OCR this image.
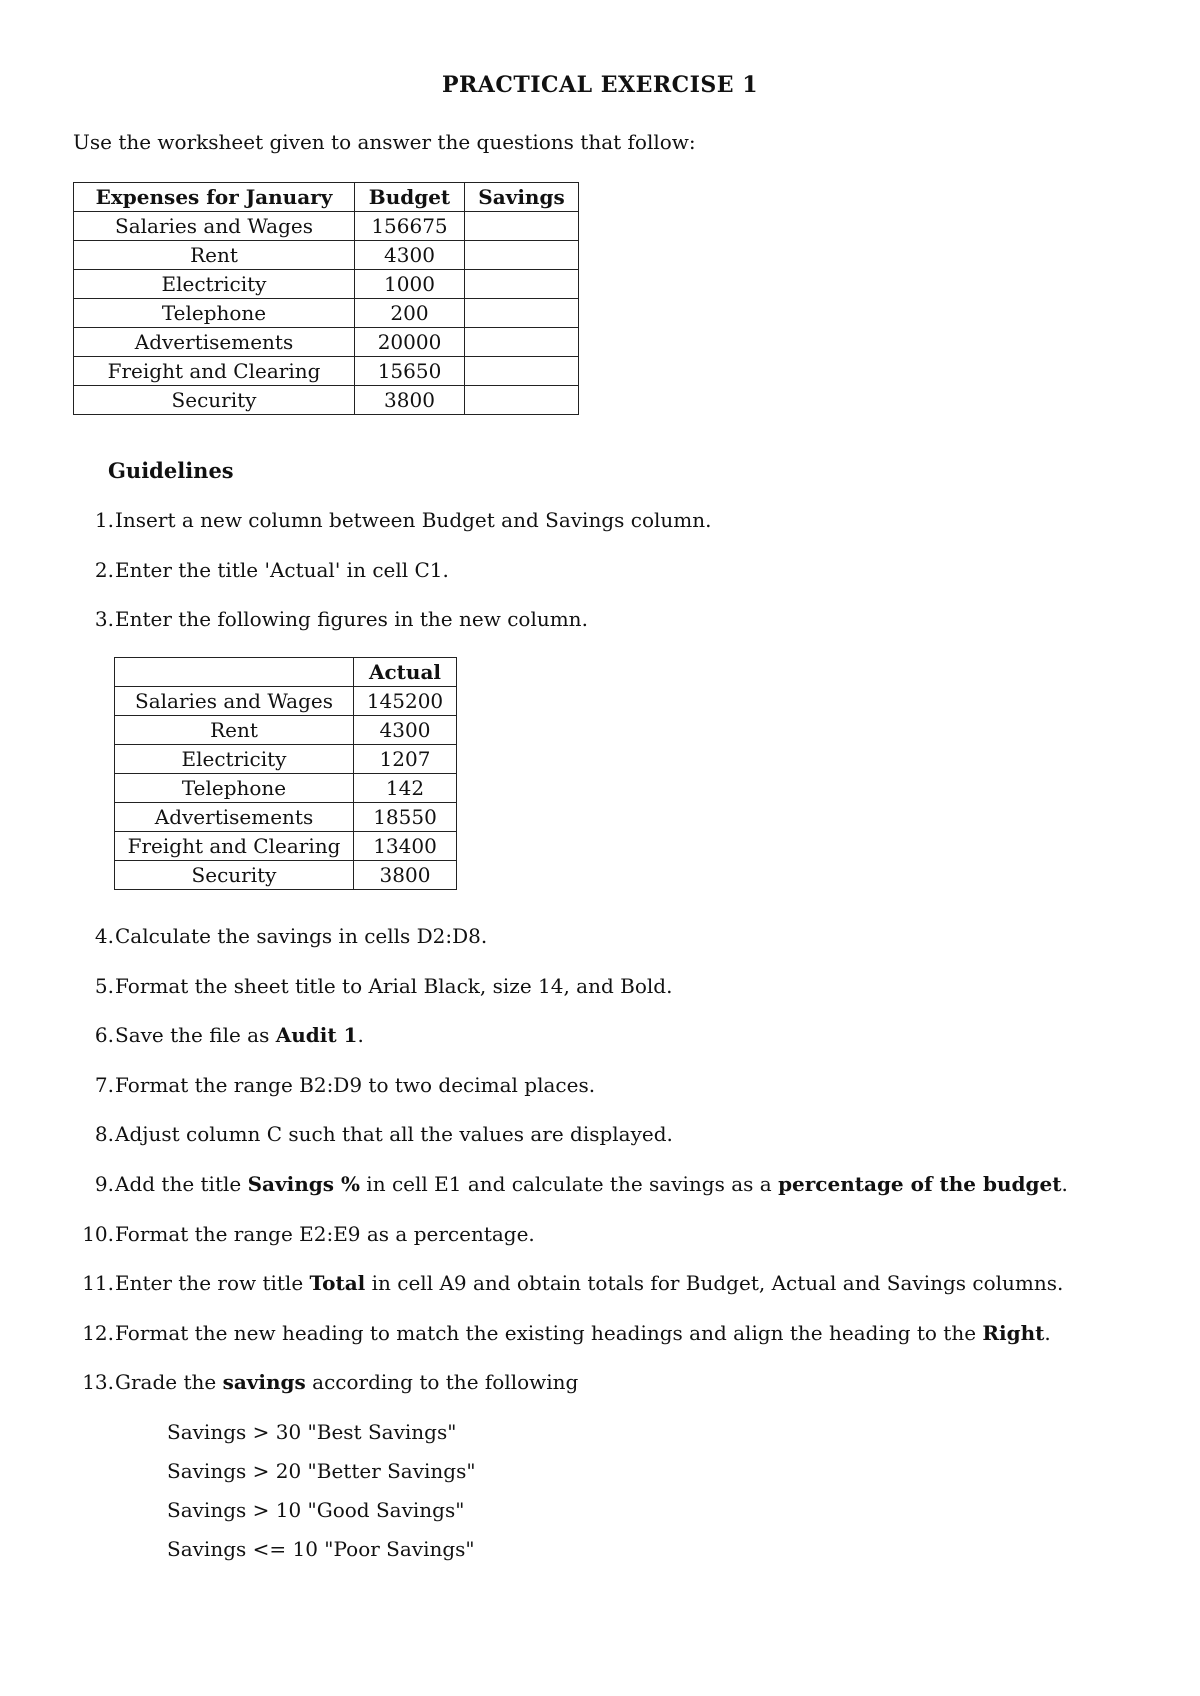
PRACTICAL EXERCISE 1
Use the worksheet given to answer the questions that follow:
Expenses for January	Budget	Savings
Salaries and Wages	156675	
Rent	4300	
Electricity	1000	
Telephone	200	
Advertisements	20000	
Freight and Clearing	15650	
Security	3800	
Guidelines
1. Insert a new column between Budget and Savings column.
2. Enter the title 'Actual' in cell C1.
3. Enter the following figures in the new column.
	Actual
Salaries and Wages	145200
Rent	4300
Electricity	1207
Telephone	142
Advertisements	18550
Freight and Clearing	13400
Security	3800
4. Calculate the savings in cells D2:D8.
5. Format the sheet title to Arial Black, size 14, and Bold.
6. Save the file as Audit 1.
7. Format the range B2:D9 to two decimal places.
8. Adjust column C such that all the values are displayed.
9. Add the title Savings % in cell E1 and calculate the savings as a percentage of the budget.
10. Format the range E2:E9 as a percentage.
11. Enter the row title Total in cell A9 and obtain totals for Budget, Actual and Savings columns.
12. Format the new heading to match the existing headings and align the heading to the Right.
13. Grade the savings according to the following
Savings > 30 "Best Savings"
Savings > 20 "Better Savings"
Savings > 10 "Good Savings"
Savings <= 10 "Poor Savings"
